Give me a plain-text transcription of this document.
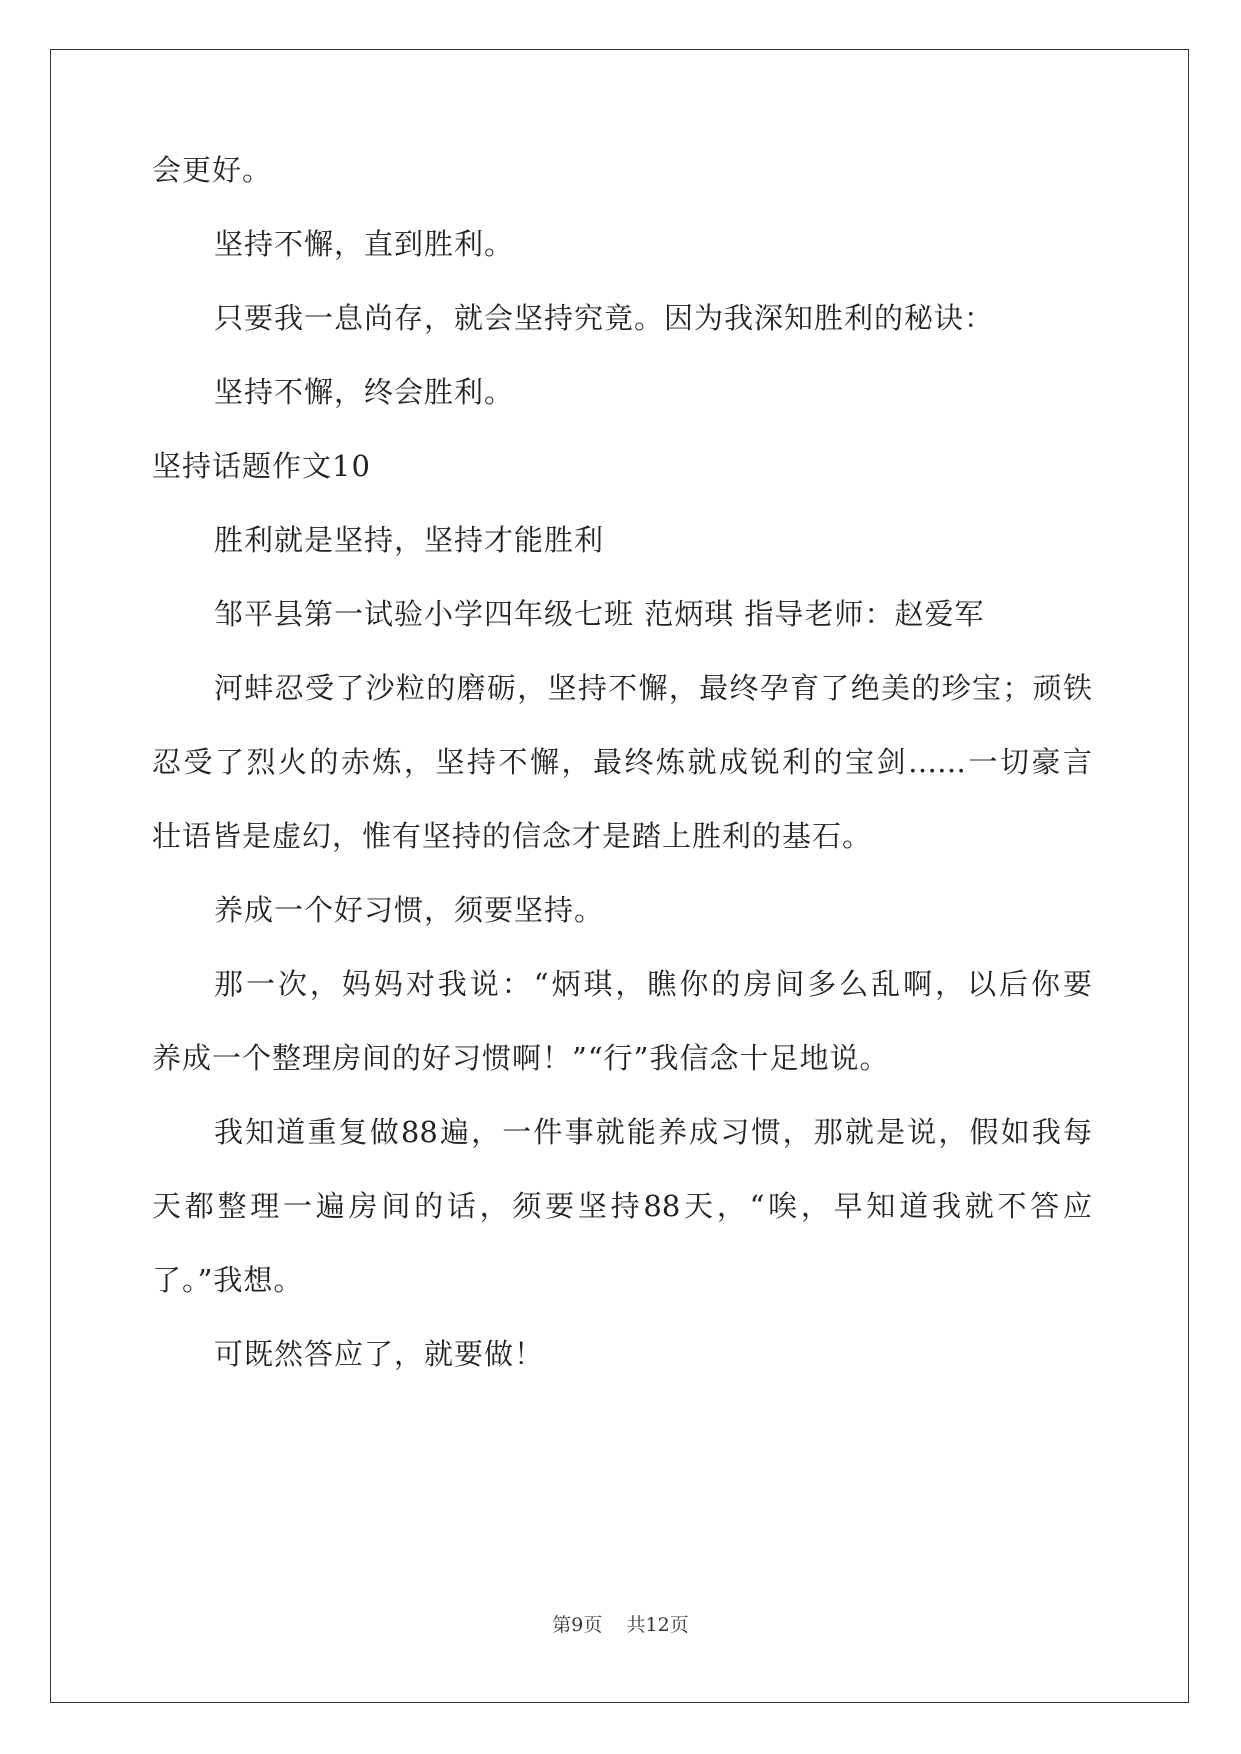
会更好。
坚持不懈，直到胜利。
只要我一息尚存，就会坚持究竟。因为我深知胜利的秘诀：
坚持不懈，终会胜利。
坚持话题作文10
胜利就是坚持，坚持才能胜利
邹平县第一试验小学四年级七班 范炳琪 指导老师：赵爱军
河蚌忍受了沙粒的磨砺，坚持不懈，最终孕育了绝美的珍宝；顽铁
忍受了烈火的赤炼，坚持不懈，最终炼就成锐利的宝剑……一切豪言
壮语皆是虚幻，惟有坚持的信念才是踏上胜利的基石。
养成一个好习惯，须要坚持。
那一次，妈妈对我说：“炳琪，瞧你的房间多么乱啊，以后你要
养成一个整理房间的好习惯啊！”“行”我信念十足地说。
我知道重复做88遍，一件事就能养成习惯，那就是说，假如我每
天都整理一遍房间的话，须要坚持88天，“唉，早知道我就不答应
了。”我想。
可既然答应了，就要做！
第9页 共12页
